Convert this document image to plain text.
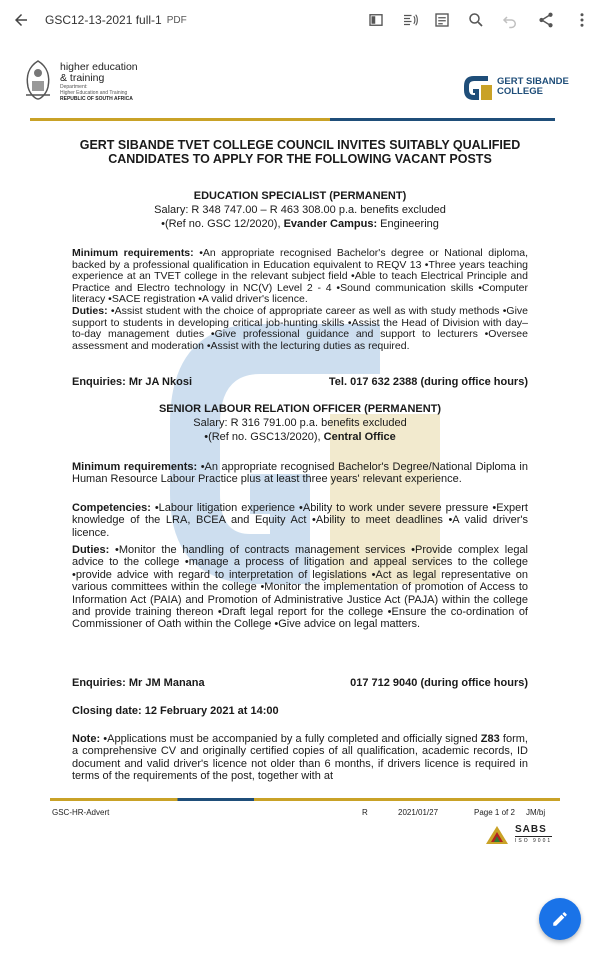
GSC12-13-2021 full-1 PDF
higher education
& training
Department:
Higher Education and Training
REPUBLIC OF SOUTH AFRICA
GERT SIBANDE
COLLEGE
GERT SIBANDE TVET COLLEGE COUNCIL INVITES SUITABLY QUALIFIED CANDIDATES TO APPLY FOR THE FOLLOWING VACANT POSTS
EDUCATION SPECIALIST (PERMANENT)
Salary: R 348 747.00 – R 463 308.00 p.a. benefits excluded
•(Ref no. GSC 12/2020), Evander Campus: Engineering
Minimum requirements: •An appropriate recognised Bachelor's degree or National diploma, backed by a professional qualification in Education equivalent to REQV 13 •Three years teaching experience at an TVET college in the relevant subject field •Able to teach Electrical Principle and Practice and Electro technology in NC(V) Level 2 - 4 •Sound communication skills •Computer literacy •SACE registration •A valid driver's licence.
Duties: •Assist student with the choice of appropriate career as well as with study methods •Give support to students in developing critical job-hunting skills •Assist the Head of Division with day–to-day management duties •Give professional guidance and support to lecturers •Oversee assessment and moderation •Assist with the lecturing duties as required.
Enquiries: Mr JA Nkosi	Tel. 017 632 2388 (during office hours)
SENIOR LABOUR RELATION OFFICER (PERMANENT)
Salary: R 316 791.00 p.a. benefits excluded
•(Ref no. GSC13/2020), Central Office
Minimum requirements: •An appropriate recognised Bachelor's Degree/National Diploma in Human Resource Labour Practice plus at least three years' relevant experience.
Competencies: •Labour litigation experience •Ability to work under severe pressure •Expert knowledge of the LRA, BCEA and Equity Act •Ability to meet deadlines •A valid driver's licence.
Duties: •Monitor the handling of contracts management services •Provide complex legal advice to the college •manage a process of litigation and appeal services to the college •provide advice with regard to interpretation of legislations •Act as legal representative on various committees within the college •Monitor the implementation of promotion of Access to Information Act (PAIA) and Promotion of Administrative Justice Act (PAJA) within the college and provide training thereon •Draft legal report for the college •Ensure the co-ordination of Commissioner of Oath within the College •Give advice on legal matters.
Enquiries: Mr JM Manana	017 712 9040 (during office hours)
Closing date: 12 February 2021 at 14:00
Note: •Applications must be accompanied by a fully completed and officially signed Z83 form, a comprehensive CV and originally certified copies of all qualification, academic records, ID document and valid driver's licence not older than 6 months, if drivers licence is required in terms of the requirements of the post, together with at
GSC-HR-Advert	R	2021/01/27	Page 1 of 2 JM/bj
SABS
ISO 9001
